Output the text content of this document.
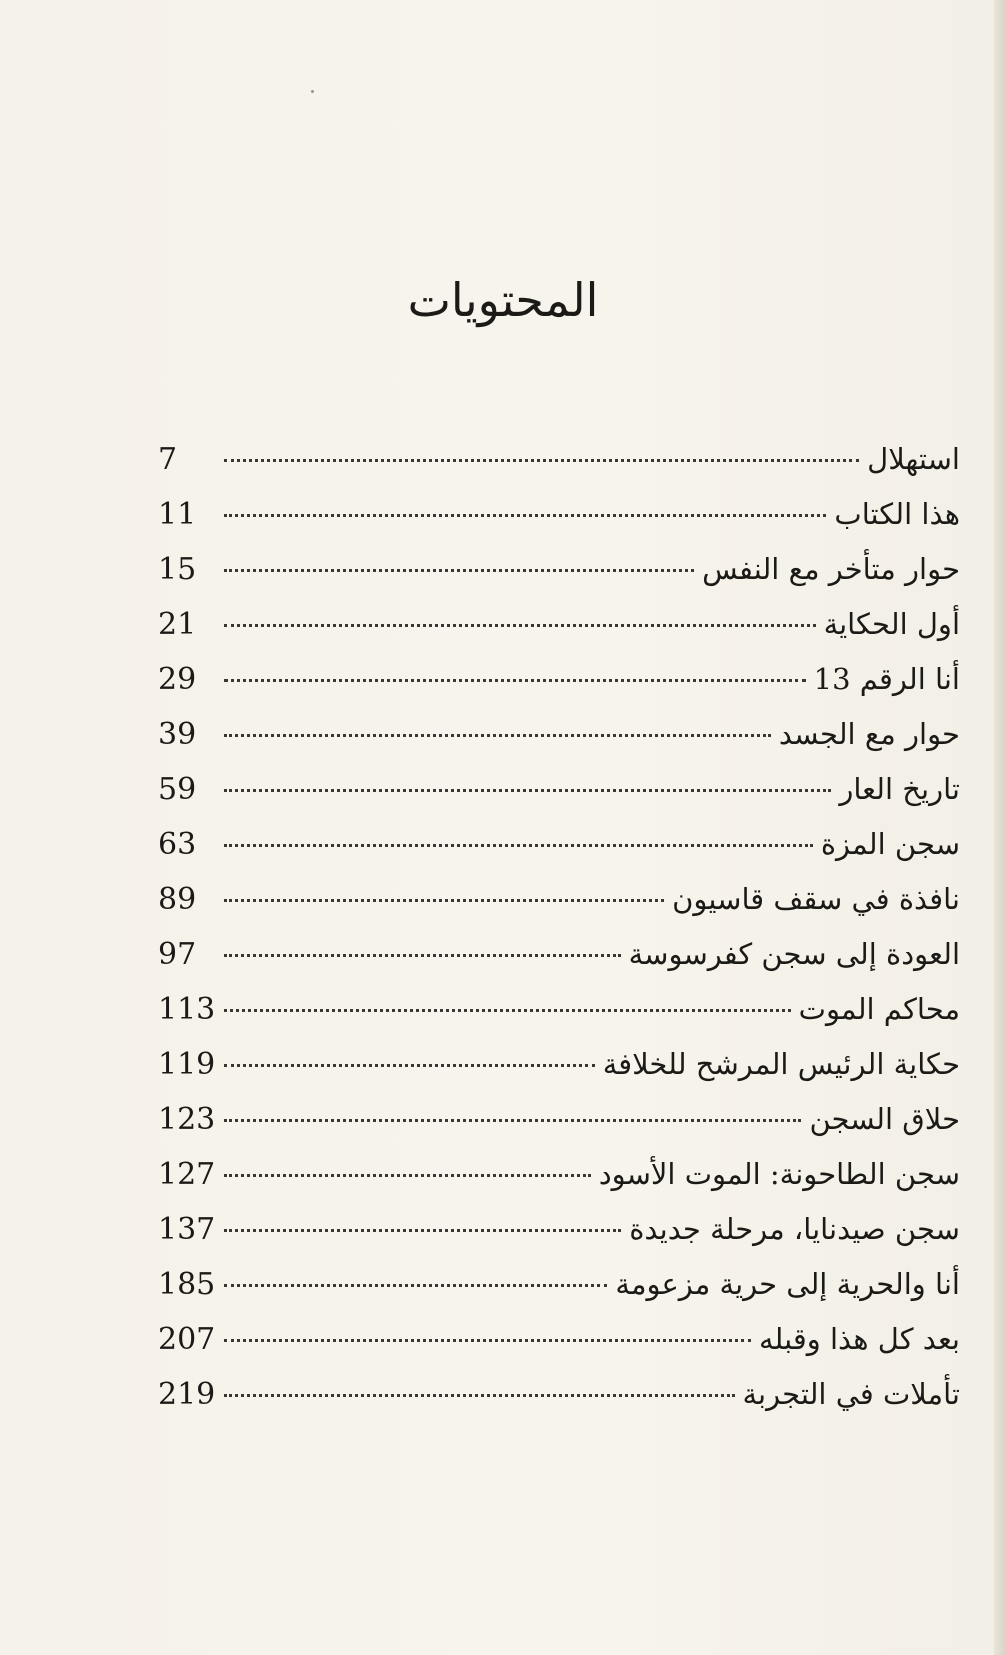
المحتويات
استهلال
7
هذا الكتاب
11
حوار متأخر مع النفس
15
أول الحكاية
21
أنا الرقم 13
29
حوار مع الجسد
39
تاريخ العار
59
سجن المزة
63
نافذة في سقف قاسيون
89
العودة إلى سجن كفرسوسة
97
محاكم الموت
113
حكاية الرئيس المرشح للخلافة
119
حلاق السجن
123
سجن الطاحونة: الموت الأسود
127
سجن صيدنايا، مرحلة جديدة
137
أنا والحرية إلى حرية مزعومة
185
بعد كل هذا وقبله
207
تأملات في التجربة
219
